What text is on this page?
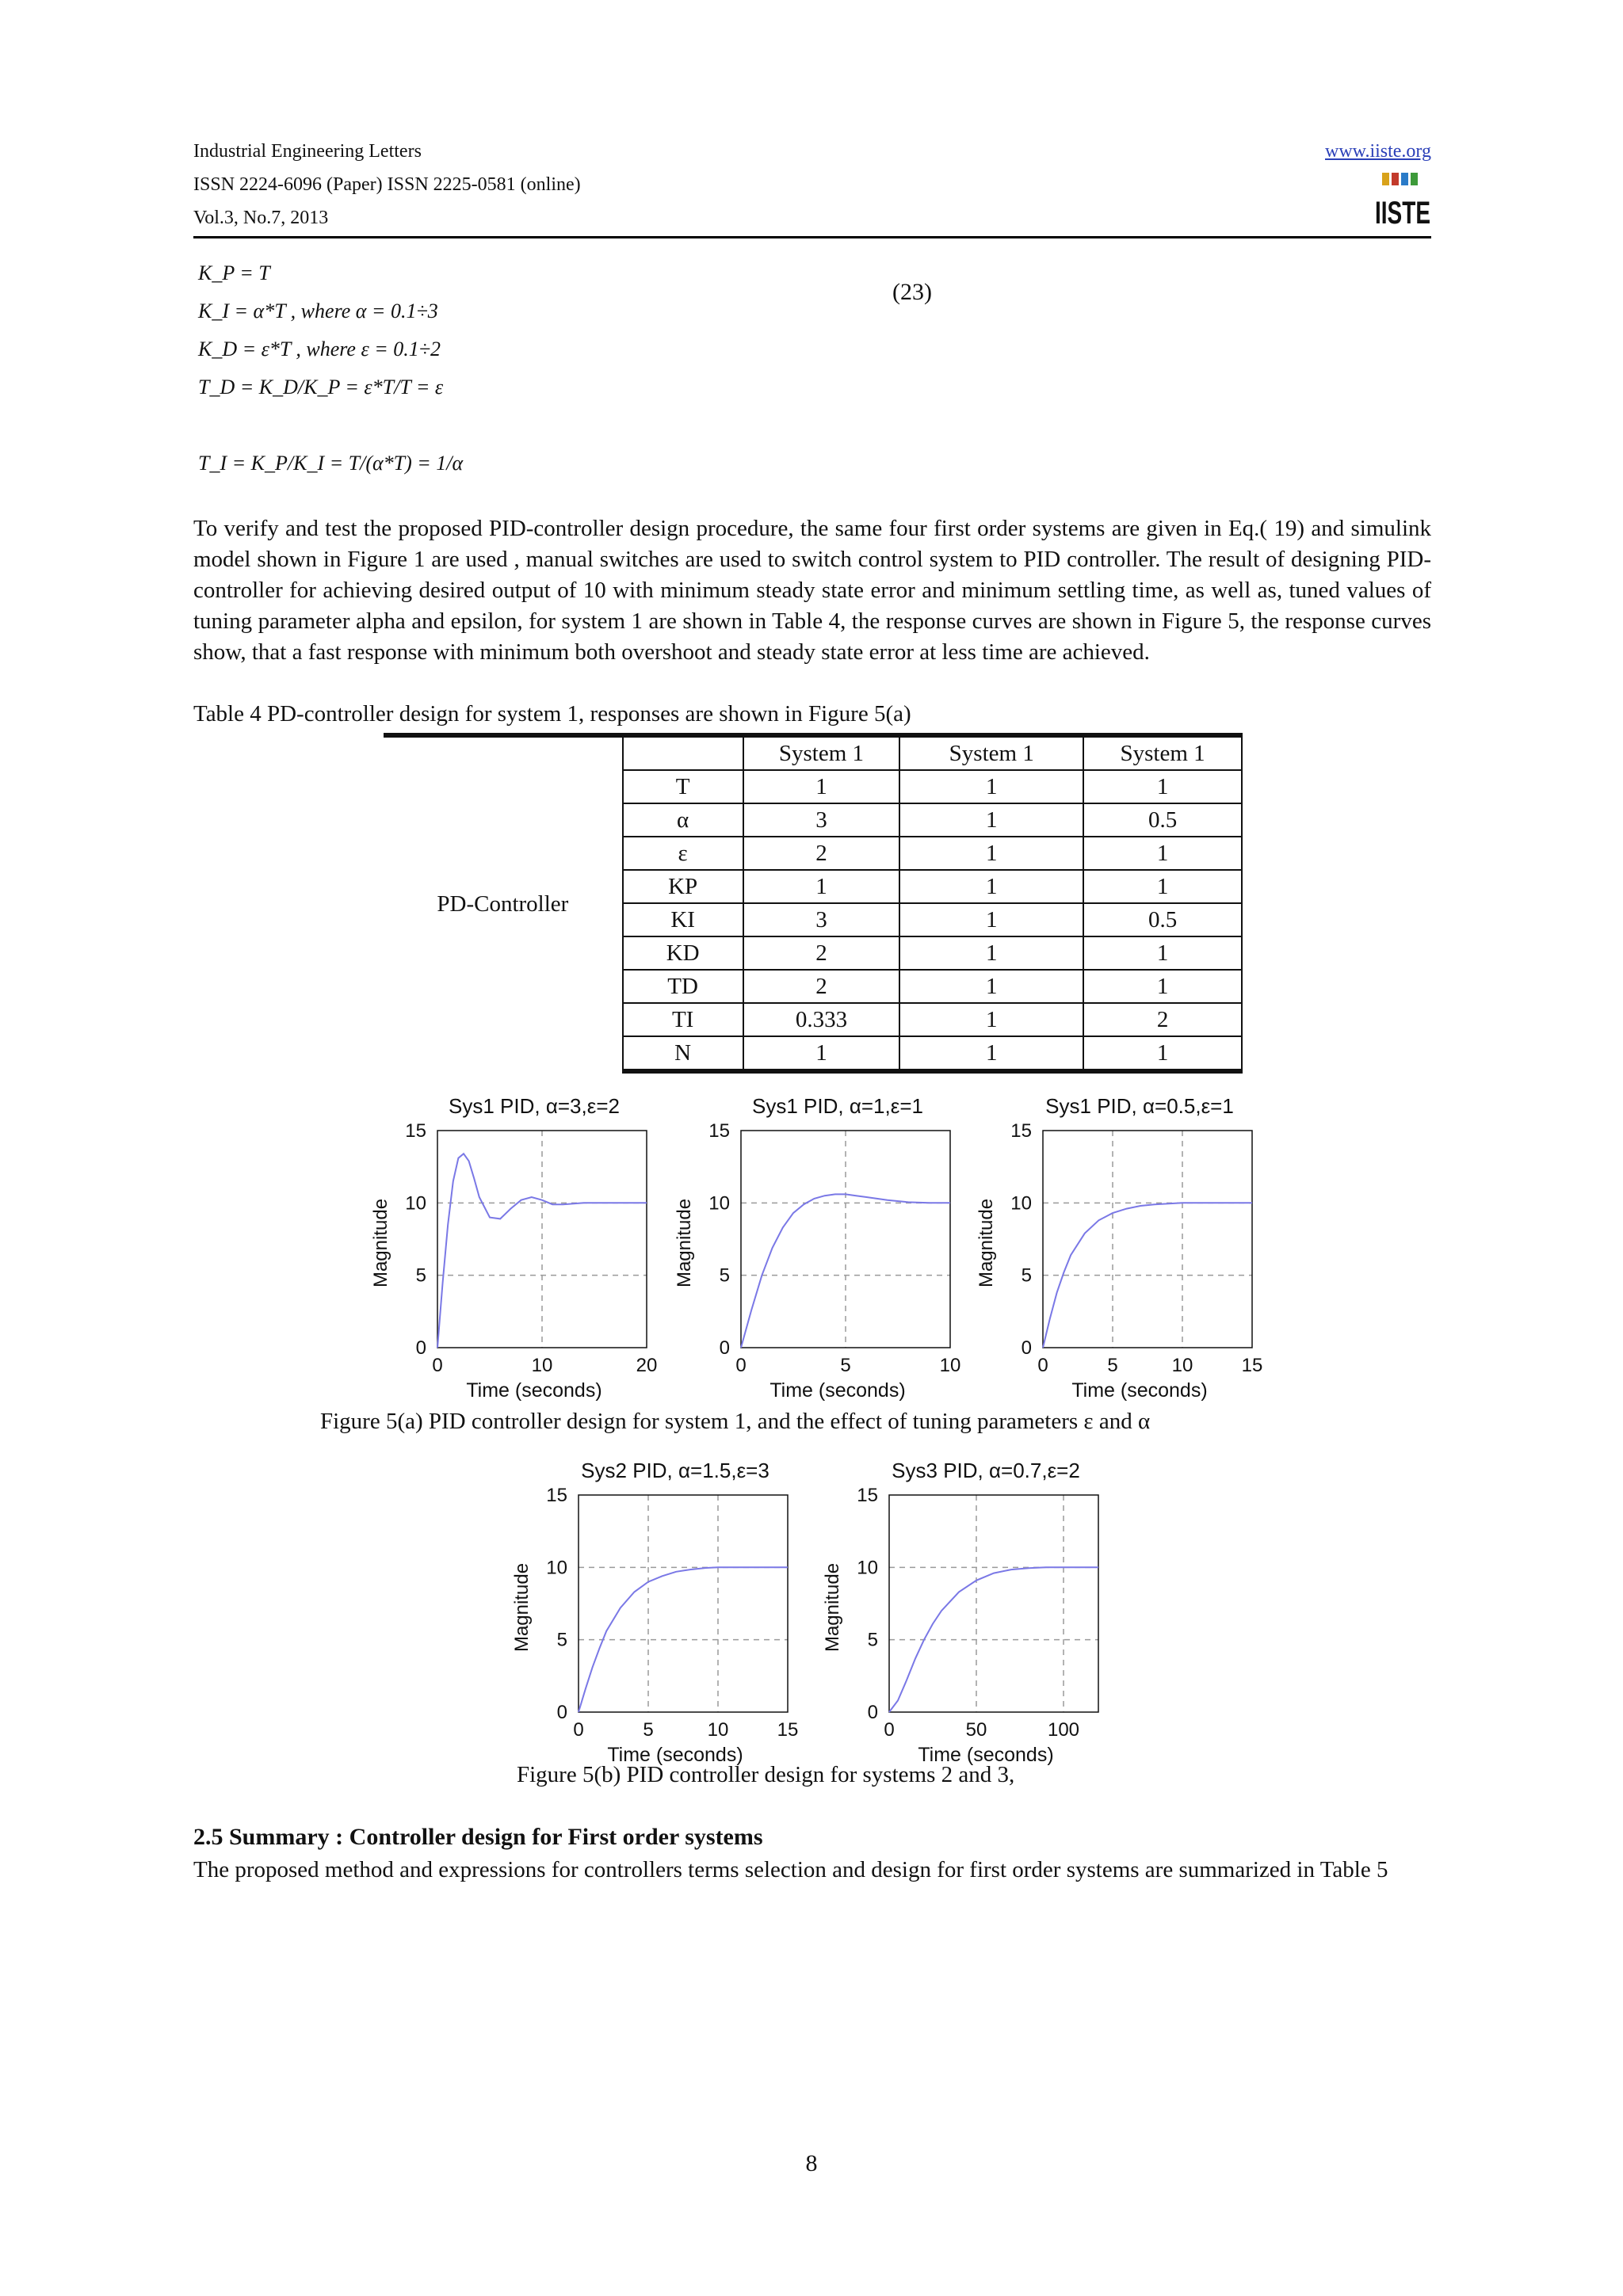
Industrial Engineering Letters
ISSN 2224-6096 (Paper) ISSN 2225-0581 (online)
Vol.3, No.7, 2013
www.iiste.org
IISTE
K_P = T
K_I = α*T , where α = 0.1÷3
K_D = ε*T , where ε = 0.1÷2
T_D = K_D/K_P = ε*T/T = ε
T_I = K_P/K_I = T/(α*T) = 1/α
(23)
To verify and test the proposed PID-controller design procedure, the same four first order systems are given in Eq.( 19) and simulink model shown in Figure 1 are used , manual switches are used to switch control system to PID controller. The result of designing PID-controller for achieving desired output of 10 with minimum steady state error and minimum settling time, as well as, tuned values of tuning parameter alpha and epsilon, for system 1 are shown in Table 4, the response curves are shown in Figure 5, the response curves show, that a fast response with minimum both overshoot and steady state error at less time are achieved.
Table 4 PD-controller design for system 1, responses are shown in Figure 5(a)
PD-Controller		System 1	System 1	System 1
	T	1	1	1
	α	3	1	0.5
	ε	2	1	1
	KP	1	1	1
	KI	3	1	0.5
	KD	2	1	1
	TD	2	1	1
	TI	0.333	1	2
	N	1	1	1
Sys1 PID, α=3,ε=2
0	10	20
0
5
10
15
Time (seconds)
Magnitude
Sys1 PID, α=1,ε=1
0	5	10
0
5
10
15
Time (seconds)
Magnitude
Sys1 PID, α=0.5,ε=1
0	5	10	15
0
5
10
15
Time (seconds)
Magnitude
Figure 5(a) PID controller design for system 1, and the effect of tuning parameters ε and α
Sys2 PID, α=1.5,ε=3
0	5	10	15
0
5
10
15
Time (seconds)
Magnitude
Sys3 PID, α=0.7,ε=2
0	50	100
0
5
10
15
Time (seconds)
Magnitude
Figure 5(b) PID controller design for systems 2 and 3,
2.5 Summary : Controller design for First order systems
The proposed method and expressions for controllers terms selection and design for first order systems are summarized in Table 5
8
